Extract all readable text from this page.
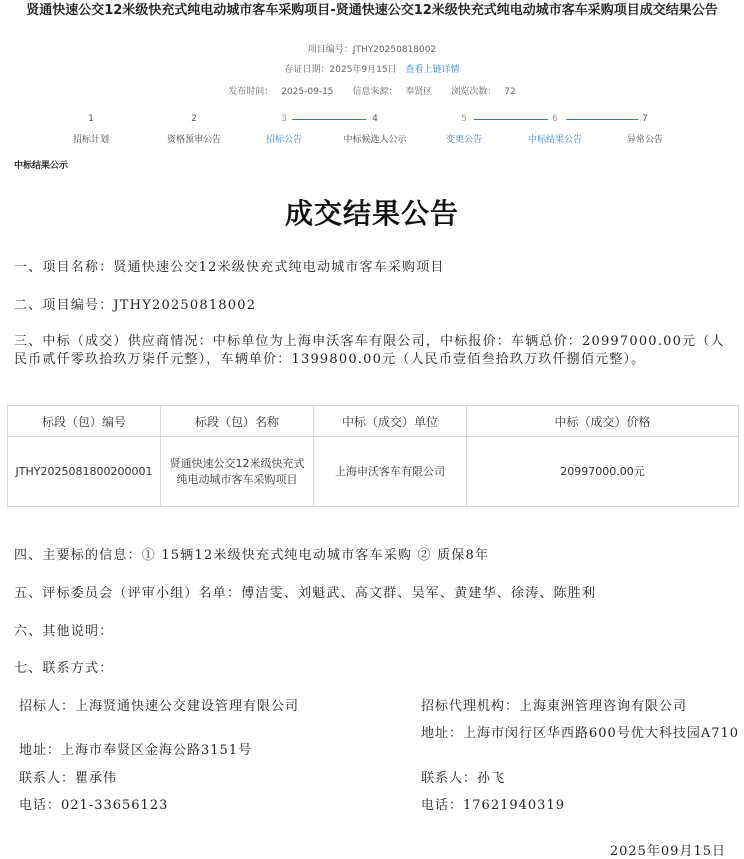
贤通快速公交12米级快充式纯电动城市客车采购项目-贤通快速公交12米级快充式纯电动城市客车采购项目成交结果公告
项目编号：JTHY20250818002
存证日期：2025年9月15日 查看上链详情
发布时间： 2025-09-15 信息来源： 奉贤区 浏览次数： 72
1
招标计划
2
资格预审公告
3
招标公告
4
中标候选人公示
5
变更公告
6
中标结果公告
7
异常公告
中标结果公示
成交结果公告
一、项目名称：贤通快速公交12米级快充式纯电动城市客车采购项目
二、项目编号：JTHY20250818002
三、中标（成交）供应商情况：中标单位为上海申沃客车有限公司，中标报价：车辆总价：20997000.00元（人民币贰仟零玖拾玖万柒仟元整），车辆单价：1399800.00元（人民币壹佰叁拾玖万玖仟捌佰元整）。
标段（包）编号	标段（包）名称	中标（成交）单位	中标（成交）价格
JTHY2025081800200001	贤通快速公交12米级快充式纯电动城市客车采购项目	上海申沃客车有限公司	20997000.00元
四、主要标的信息：① 15辆12米级快充式纯电动城市客车采购 ② 质保8年
五、评标委员会（评审小组）名单：傅洁雯、刘魁武、高文群、吴军、黄建华、徐涛、陈胜利
六、其他说明：
七、联系方式：
招标人：上海贤通快速公交建设管理有限公司
地址：上海市奉贤区金海公路3151号
联系人：瞿承伟
电话：021-33656123
招标代理机构：上海東洲管理咨询有限公司
地址：上海市闵行区华西路600号优大科技园A710
联系人：孙飞
电话：17621940319
2025年09月15日
